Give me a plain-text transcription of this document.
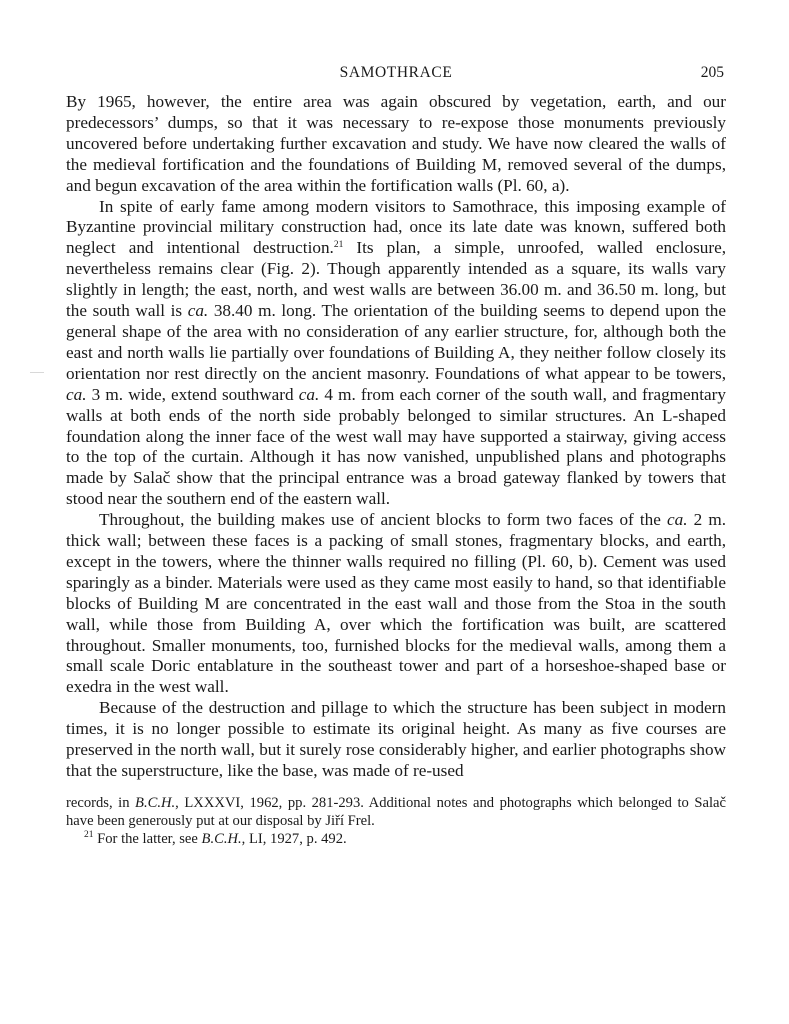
SAMOTHRACE	205

By 1965, however, the entire area was again obscured by vegetation, earth, and our predecessors’ dumps, so that it was necessary to re-expose those monuments previously uncovered before undertaking further excavation and study. We have now cleared the walls of the medieval fortification and the foundations of Building M, removed several of the dumps, and begun excavation of the area within the fortification walls (Pl. 60, a).

In spite of early fame among modern visitors to Samothrace, this imposing example of Byzantine provincial military construction had, once its late date was known, suffered both neglect and intentional destruction.$^{21}$ Its plan, a simple, unroofed, walled enclosure, nevertheless remains clear (Fig. 2). Though apparently intended as a square, its walls vary slightly in length; the east, north, and west walls are between 36.00 m. and 36.50 m. long, but the south wall is ca. 38.40 m. long. The orientation of the building seems to depend upon the general shape of the area with no consideration of any earlier structure, for, although both the east and north walls lie partially over foundations of Building A, they neither follow closely its orientation nor rest directly on the ancient masonry. Foundations of what appear to be towers, ca. 3 m. wide, extend southward ca. 4 m. from each corner of the south wall, and fragmentary walls at both ends of the north side probably belonged to similar structures. An L-shaped foundation along the inner face of the west wall may have supported a stairway, giving access to the top of the curtain. Although it has now vanished, unpublished plans and photographs made by Salač show that the principal entrance was a broad gateway flanked by towers that stood near the southern end of the eastern wall.

Throughout, the building makes use of ancient blocks to form two faces of the ca. 2 m. thick wall; between these faces is a packing of small stones, fragmentary blocks, and earth, except in the towers, where the thinner walls required no filling (Pl. 60, b). Cement was used sparingly as a binder. Materials were used as they came most easily to hand, so that identifiable blocks of Building M are concentrated in the east wall and those from the Stoa in the south wall, while those from Building A, over which the fortification was built, are scattered throughout. Smaller monuments, too, furnished blocks for the medieval walls, among them a small scale Doric entablature in the southeast tower and part of a horseshoe-shaped base or exedra in the west wall.

Because of the destruction and pillage to which the structure has been subject in modern times, it is no longer possible to estimate its original height. As many as five courses are preserved in the north wall, but it surely rose considerably higher, and earlier photographs show that the superstructure, like the base, was made of re-used

records, in B.C.H., LXXXVI, 1962, pp. 281-293. Additional notes and photographs which belonged to Salač have been generously put at our disposal by Jiří Frel.

$^{21}$ For the latter, see B.C.H., LI, 1927, p. 492.
